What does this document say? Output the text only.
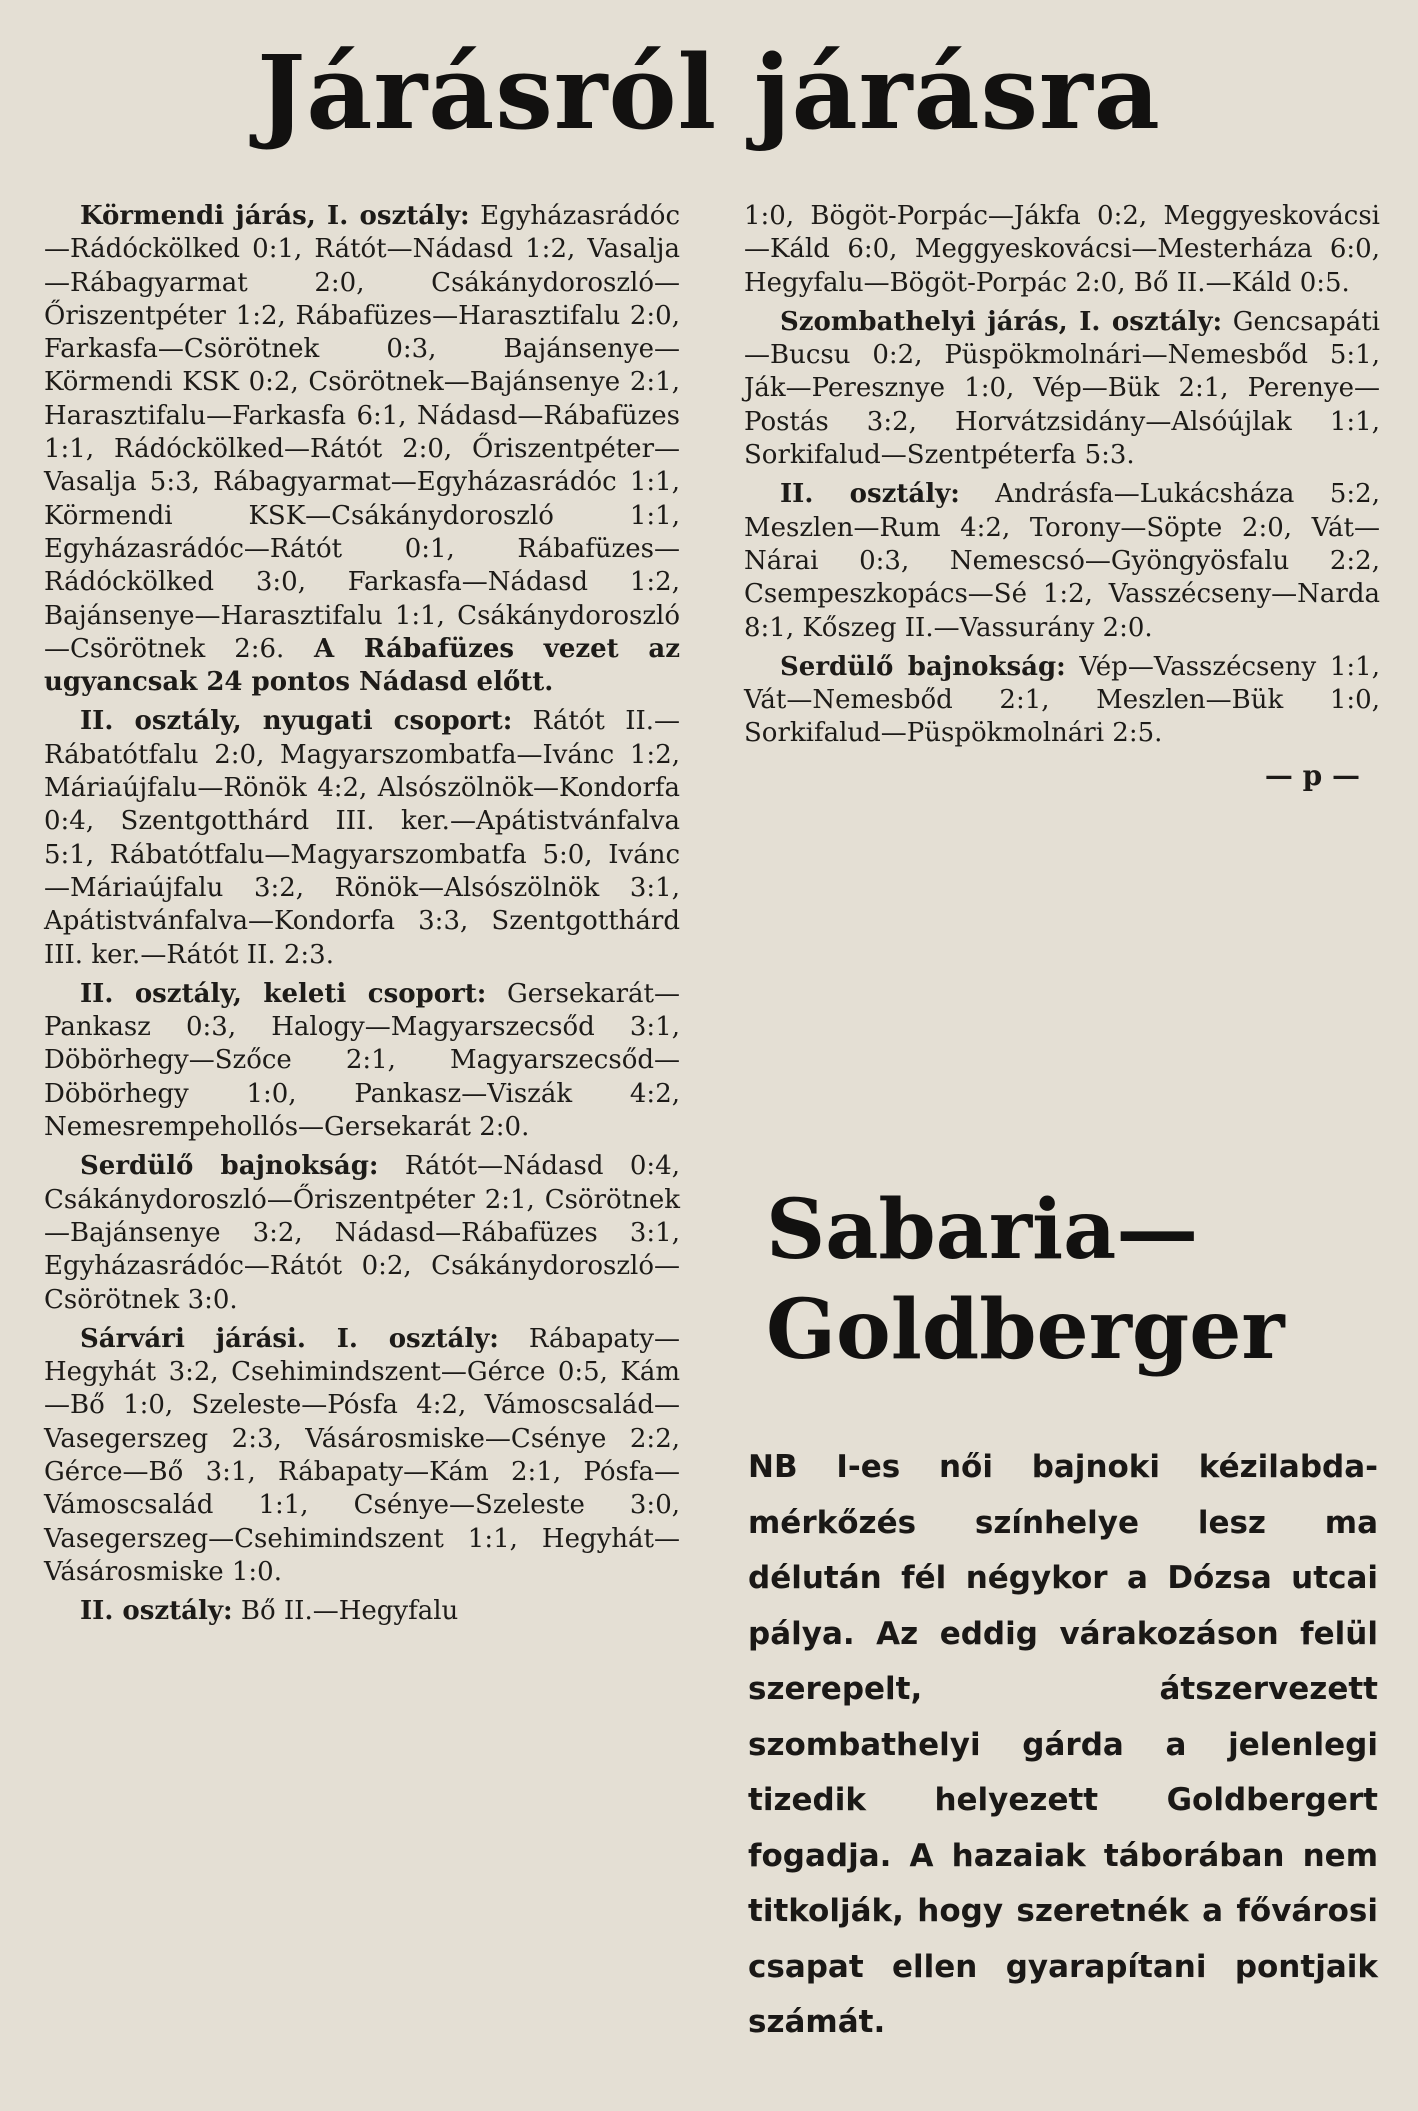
Járásról járásra

Körmendi járás, I. osztály: Egyházasrádóc—Rádóckölked 0:1, Rátót—Nádasd 1:2, Vasalja—Rábagyarmat 2:0, Csákánydoroszló—Őriszentpéter 1:2, Rábafüzes—Harasztifalu 2:0, Farkasfa—Csörötnek 0:3, Bajánsenye—Körmendi KSK 0:2, Csörötnek—Bajánsenye 2:1, Harasztifalu—Farkasfa 6:1, Nádasd—Rábafüzes 1:1, Rádóckölked—Rátót 2:0, Őriszentpéter—Vasalja 5:3, Rábagyarmat—Egyházasrádóc 1:1, Körmendi KSK—Csákánydoroszló 1:1, Egyházasrádóc—Rátót 0:1, Rábafüzes—Rádóckölked 3:0, Farkasfa—Nádasd 1:2, Bajánsenye—Harasztifalu 1:1, Csákánydoroszló—Csörötnek 2:6. A Rábafüzes vezet az ugyancsak 24 pontos Nádasd előtt.

II. osztály, nyugati csoport: Rátót II.—Rábatótfalu 2:0, Magyarszombatfa—Ivánc 1:2, Máriaújfalu—Rönök 4:2, Alsószölnök—Kondorfa 0:4, Szentgotthárd III. ker.—Apátistvánfalva 5:1, Rábatótfalu—Magyarszombatfa 5:0, Ivánc—Máriaújfalu 3:2, Rönök—Alsószölnök 3:1, Apátistvánfalva—Kondorfa 3:3, Szentgotthárd III. ker.—Rátót II. 2:3.

II. osztály, keleti csoport: Gersekarát—Pankasz 0:3, Halogy—Magyarszecsőd 3:1, Döbörhegy—Szőce 2:1, Magyarszecsőd—Döbörhegy 1:0, Pankasz—Viszák 4:2, Nemesrempehollós—Gersekarát 2:0.

Serdülő bajnokság: Rátót—Nádasd 0:4, Csákánydoroszló—Őriszentpéter 2:1, Csörötnek—Bajánsenye 3:2, Nádasd—Rábafüzes 3:1, Egyházasrádóc—Rátót 0:2, Csákánydoroszló—Csörötnek 3:0.

Sárvári járási. I. osztály: Rábapaty—Hegyhát 3:2, Csehimindszent—Gérce 0:5, Kám—Bő 1:0, Szeleste—Pósfa 4:2, Vámoscsalád—Vasegerszeg 2:3, Vásárosmiske—Csénye 2:2, Gérce—Bő 3:1, Rábapaty—Kám 2:1, Pósfa—Vámoscsalád 1:1, Csénye—Szeleste 3:0, Vasegerszeg—Csehimindszent 1:1, Hegyhát—Vásárosmiske 1:0.

II. osztály: Bő II.—Hegyfalu

1:0, Bögöt-Porpác—Jákfa 0:2, Meggyeskovácsi—Káld 6:0, Meggyeskovácsi—Mesterháza 6:0, Hegyfalu—Bögöt-Porpác 2:0, Bő II.—Káld 0:5.

Szombathelyi járás, I. osztály: Gencsapáti—Bucsu 0:2, Püspökmolnári—Nemesbőd 5:1, Ják—Peresznye 1:0, Vép—Bük 2:1, Perenye—Postás 3:2, Horvátzsidány—Alsóújlak 1:1, Sorkifalud—Szentpéterfa 5:3.

II. osztály: Andrásfa—Lukácsháza 5:2, Meszlen—Rum 4:2, Torony—Söpte 2:0, Vát—Nárai 0:3, Nemescsó—Gyöngyösfalu 2:2, Csempeszkopács—Sé 1:2, Vasszécseny—Narda 8:1, Kőszeg II.—Vassurány 2:0.

Serdülő bajnokság: Vép—Vasszécseny 1:1, Vát—Nemesbőd 2:1, Meszlen—Bük 1:0, Sorkifalud—Püspökmolnári 2:5.

— p —
Sabaria—
Goldberger
NB I-es női bajnoki kézilabda-mérkőzés színhelye lesz ma délután fél négykor a Dózsa utcai pálya. Az eddig várakozáson felül szerepelt, átszervezett szombathelyi gárda a jelenlegi tizedik helyezett Goldbergert fogadja. A hazaiak táborában nem titkolják, hogy szeretnék a fővárosi csapat ellen gyarapítani pontjaik számát.
